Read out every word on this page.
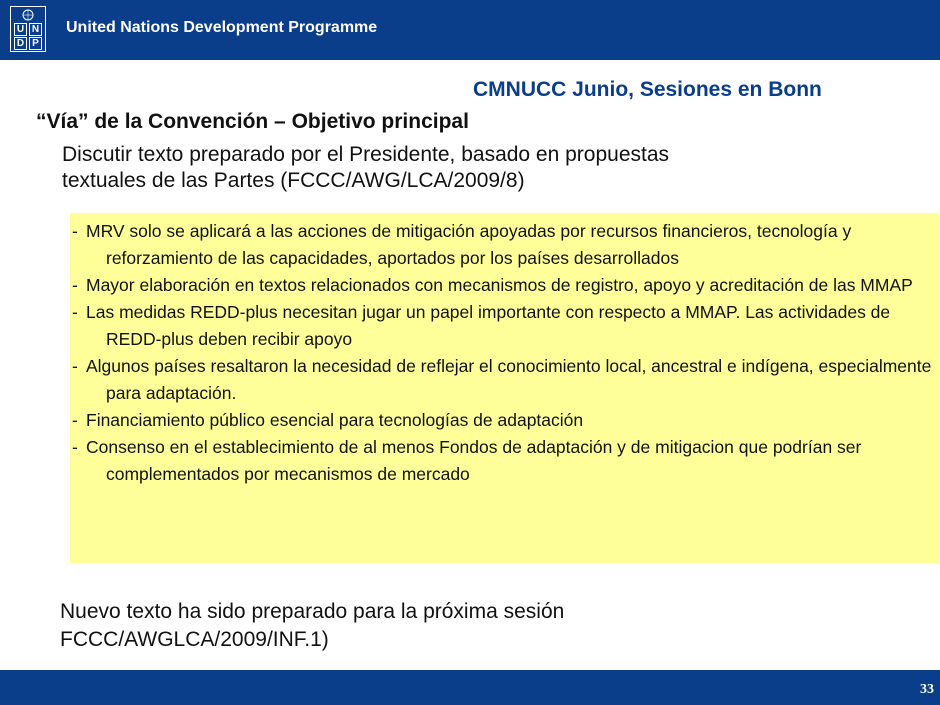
U N
D P
United Nations Development Programme
CMNUCC Junio, Sesiones en Bonn
“Vía” de la Convención – Objetivo principal
Discutir texto preparado por el Presidente, basado en propuestas
textuales de las Partes (FCCC/AWG/LCA/2009/8)
- MRV solo se aplicará a las acciones de mitigación apoyadas por recursos financieros, tecnología y reforzamiento de las capacidades, aportados por los países desarrollados
- Mayor elaboración en textos relacionados con mecanismos de registro, apoyo y acreditación de las MMAP
- Las medidas REDD-plus necesitan jugar un papel importante con respecto a MMAP. Las actividades de REDD-plus deben recibir apoyo
- Algunos países resaltaron la necesidad de reflejar el conocimiento local, ancestral e indígena, especialmente para adaptación.
- Financiamiento público esencial para tecnologías de adaptación
- Consenso en el establecimiento de al menos Fondos de adaptación y de mitigacion que podrían ser complementados por mecanismos de mercado
Nuevo texto ha sido preparado para la próxima sesión
FCCC/AWGLCA/2009/INF.1)
33
